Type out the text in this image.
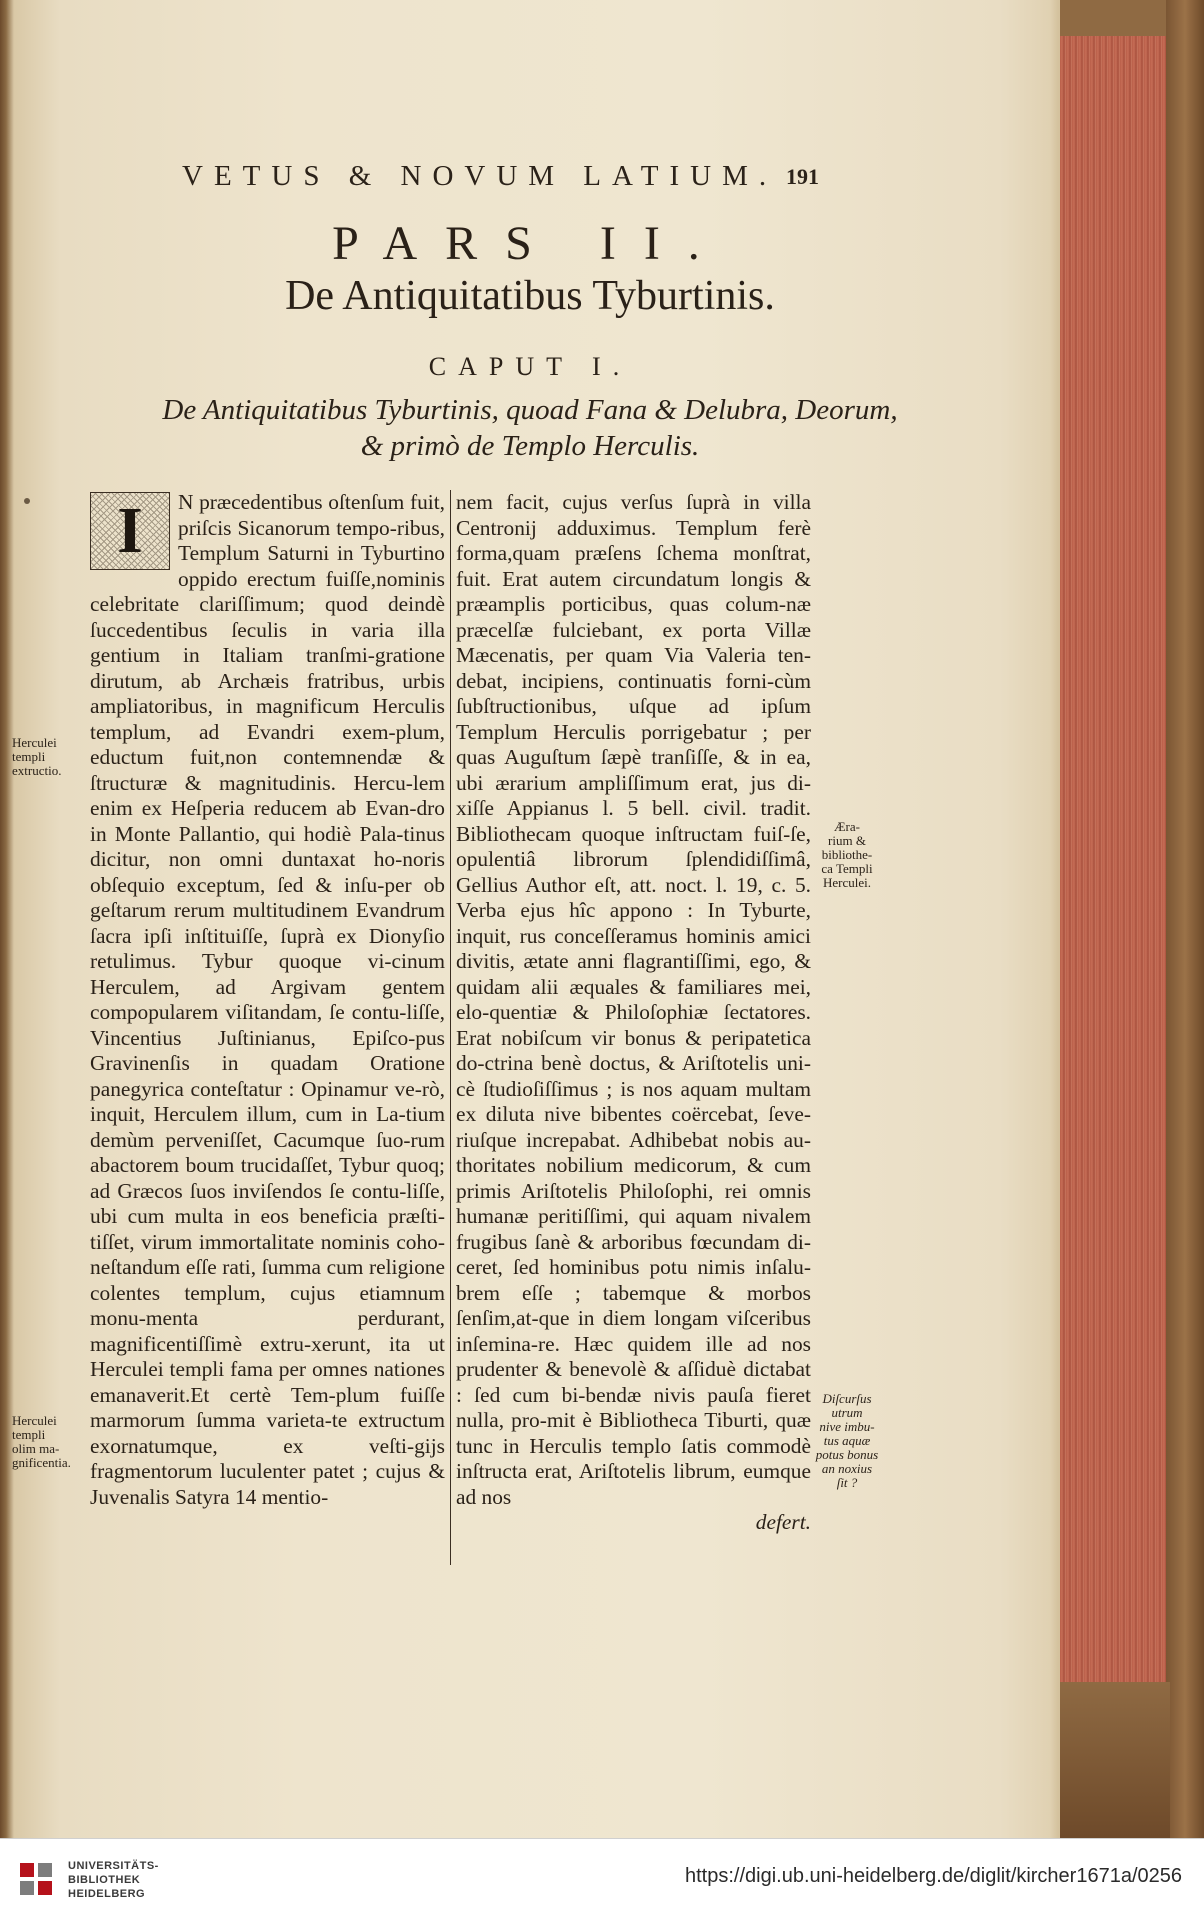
VETUS & NOVUM LATIUM. 191
PARS II.
De Antiquitatibus Tyburtinis.
CAPUT I.
De Antiquitatibus Tyburtinis, quoad Fana & Delubra, Deorum,
& primò de Templo Herculis.
I	N præcedentibus oſtenſum fuit, priſcis Sicanorum tempo-ribus, Templum Saturni in Tyburtino oppido erectum fuiſſe,nominis celebritate clariſſimum; quod deindè ſuccedentibus ſeculis in varia illa gentium in Italiam tranſmi-gratione dirutum, ab Archæis fratribus, urbis ampliatoribus, in magnificum Herculis templum, ad Evandri exem-plum, eductum fuit,non contemnendæ & ſtructuræ & magnitudinis. Hercu-lem enim ex Heſperia reducem ab Evan-dro in Monte Pallantio, qui hodiè Pala-tinus dicitur, non omni duntaxat ho-noris obſequio exceptum, ſed & inſu-per ob geſtarum rerum multitudinem Evandrum ſacra ipſi inſtituiſſe, ſuprà ex Dionyſio retulimus. Tybur quoque vi-cinum Herculem, ad Argivam gentem compopularem viſitandam, ſe contu-liſſe, Vincentius Juſtinianus, Epiſco-pus Gravinenſis in quadam Oratione panegyrica conteſtatur : Opinamur ve-rò, inquit, Herculem illum, cum in La-tium demùm perveniſſet, Cacumque ſuo-rum abactorem boum trucidaſſet, Tybur quoq; ad Græcos ſuos inviſendos ſe contu-liſſe, ubi cum multa in eos beneficia præſti-tiſſet, virum immortalitate nominis coho-neſtandum eſſe rati, ſumma cum religione colentes templum, cujus etiamnum monu-menta perdurant, magnificentiſſimè extru-xerunt, ita ut Herculei templi fama per omnes nationes emanaverit.Et certè Tem-plum fuiſſe marmorum ſumma varieta-te extructum exornatumque, ex veſti-gijs fragmentorum luculenter patet ; cujus & Juvenalis Satyra 14 mentio-

nem facit, cujus verſus ſuprà in villa Centronij adduximus. Templum ferè forma,quam præſens ſchema monſtrat, fuit. Erat autem circundatum longis & præamplis porticibus, quas colum-næ præcelſæ fulciebant, ex porta Villæ Mæcenatis, per quam Via Valeria ten-debat, incipiens, continuatis forni-cùm ſubſtructionibus, uſque ad ipſum Templum Herculis porrigebatur ; per quas Auguſtum ſæpè tranſiſſe, & in ea, ubi ærarium ampliſſimum erat, jus di-xiſſe Appianus l. 5 bell. civil. tradit. Bibliothecam quoque inſtructam fuiſ-ſe, opulentiâ librorum ſplendidiſſimâ, Gellius Author eſt, att. noct. l. 19, c. 5. Verba ejus hîc appono : In Tyburte, inquit, rus conceſſeramus hominis amici divitis, ætate anni flagrantiſſimi, ego, & quidam alii æquales & familiares mei, elo-quentiæ & Philoſophiæ ſectatores. Erat nobiſcum vir bonus & peripatetica do-ctrina benè doctus, & Ariſtotelis uni-cè ſtudioſiſſimus ; is nos aquam multam ex diluta nive bibentes coërcebat, ſeve-riuſque increpabat. Adhibebat nobis au-thoritates nobilium medicorum, & cum primis Ariſtotelis Philoſophi, rei omnis humanæ peritiſſimi, qui aquam nivalem frugibus ſanè & arboribus fœcundam di-ceret, ſed hominibus potu nimis inſalu-brem eſſe ; tabemque & morbos ſenſim,at-que in diem longam viſceribus inſemina-re. Hæc quidem ille ad nos prudenter & benevolè & aſſiduè dictabat : ſed cum bi-bendæ nivis pauſa fieret nulla, pro-mit è Bibliotheca Tiburti, quæ tunc in Herculis templo ſatis commodè inſtructa erat, Ariſtotelis librum, eumque ad nos

defert.

Herculei
templi
extructio.
Herculei
templi
olim ma-
gnificentia.
Æra-
rium &
bibliothe-
ca Templi
Herculei.
Diſcurſus
utrum
nive imbu-
tus aquæ
potus bonus
an noxius
ſit ?
UNIVERSITÄTS-
BIBLIOTHEK
HEIDELBERG
https://digi.ub.uni-heidelberg.de/diglit/kircher1671a/0256
